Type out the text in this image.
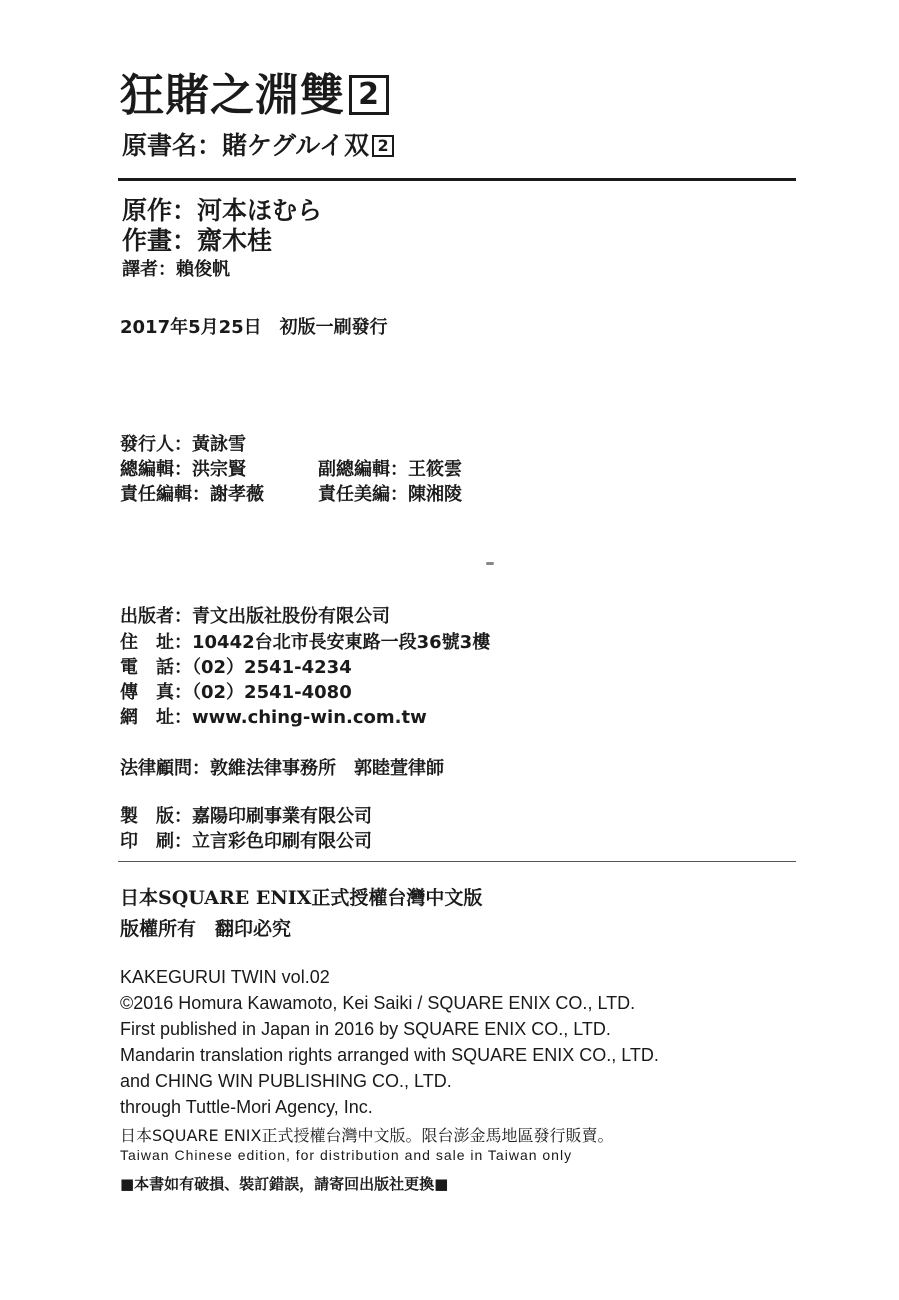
狂賭之淵雙 2
原書名：賭ケグルイ双 2
原作：河本ほむら
作畫：齋木桂
譯者：賴俊帆
2017年5月25日　初版一刷發行
發行人：黃詠雪
總編輯：洪宗賢	副總編輯：王筱雲
責任編輯：謝孝薇	責任美編：陳湘陵
出版者：青文出版社股份有限公司
住　址：10442台北市長安東路一段36號3樓
電　話：（02）2541-4234
傳　真：（02）2541-4080
網　址：www.ching-win.com.tw
法律顧問：敦維法律事務所　郭睦萱律師
製　版：嘉陽印刷事業有限公司
印　刷：立言彩色印刷有限公司
日本SQUARE ENIX正式授權台灣中文版
版權所有　翻印必究
KAKEGURUI TWIN vol.02
©2016 Homura Kawamoto, Kei Saiki / SQUARE ENIX CO., LTD.
First published in Japan in 2016 by SQUARE ENIX CO., LTD.
Mandarin translation rights arranged with SQUARE ENIX CO., LTD.
and CHING WIN PUBLISHING CO., LTD.
through Tuttle-Mori Agency, Inc.
日本SQUARE ENIX正式授權台灣中文版。限台澎金馬地區發行販賣。
Taiwan Chinese edition, for distribution and sale in Taiwan only
■本書如有破損、裝訂錯誤，請寄回出版社更換■
